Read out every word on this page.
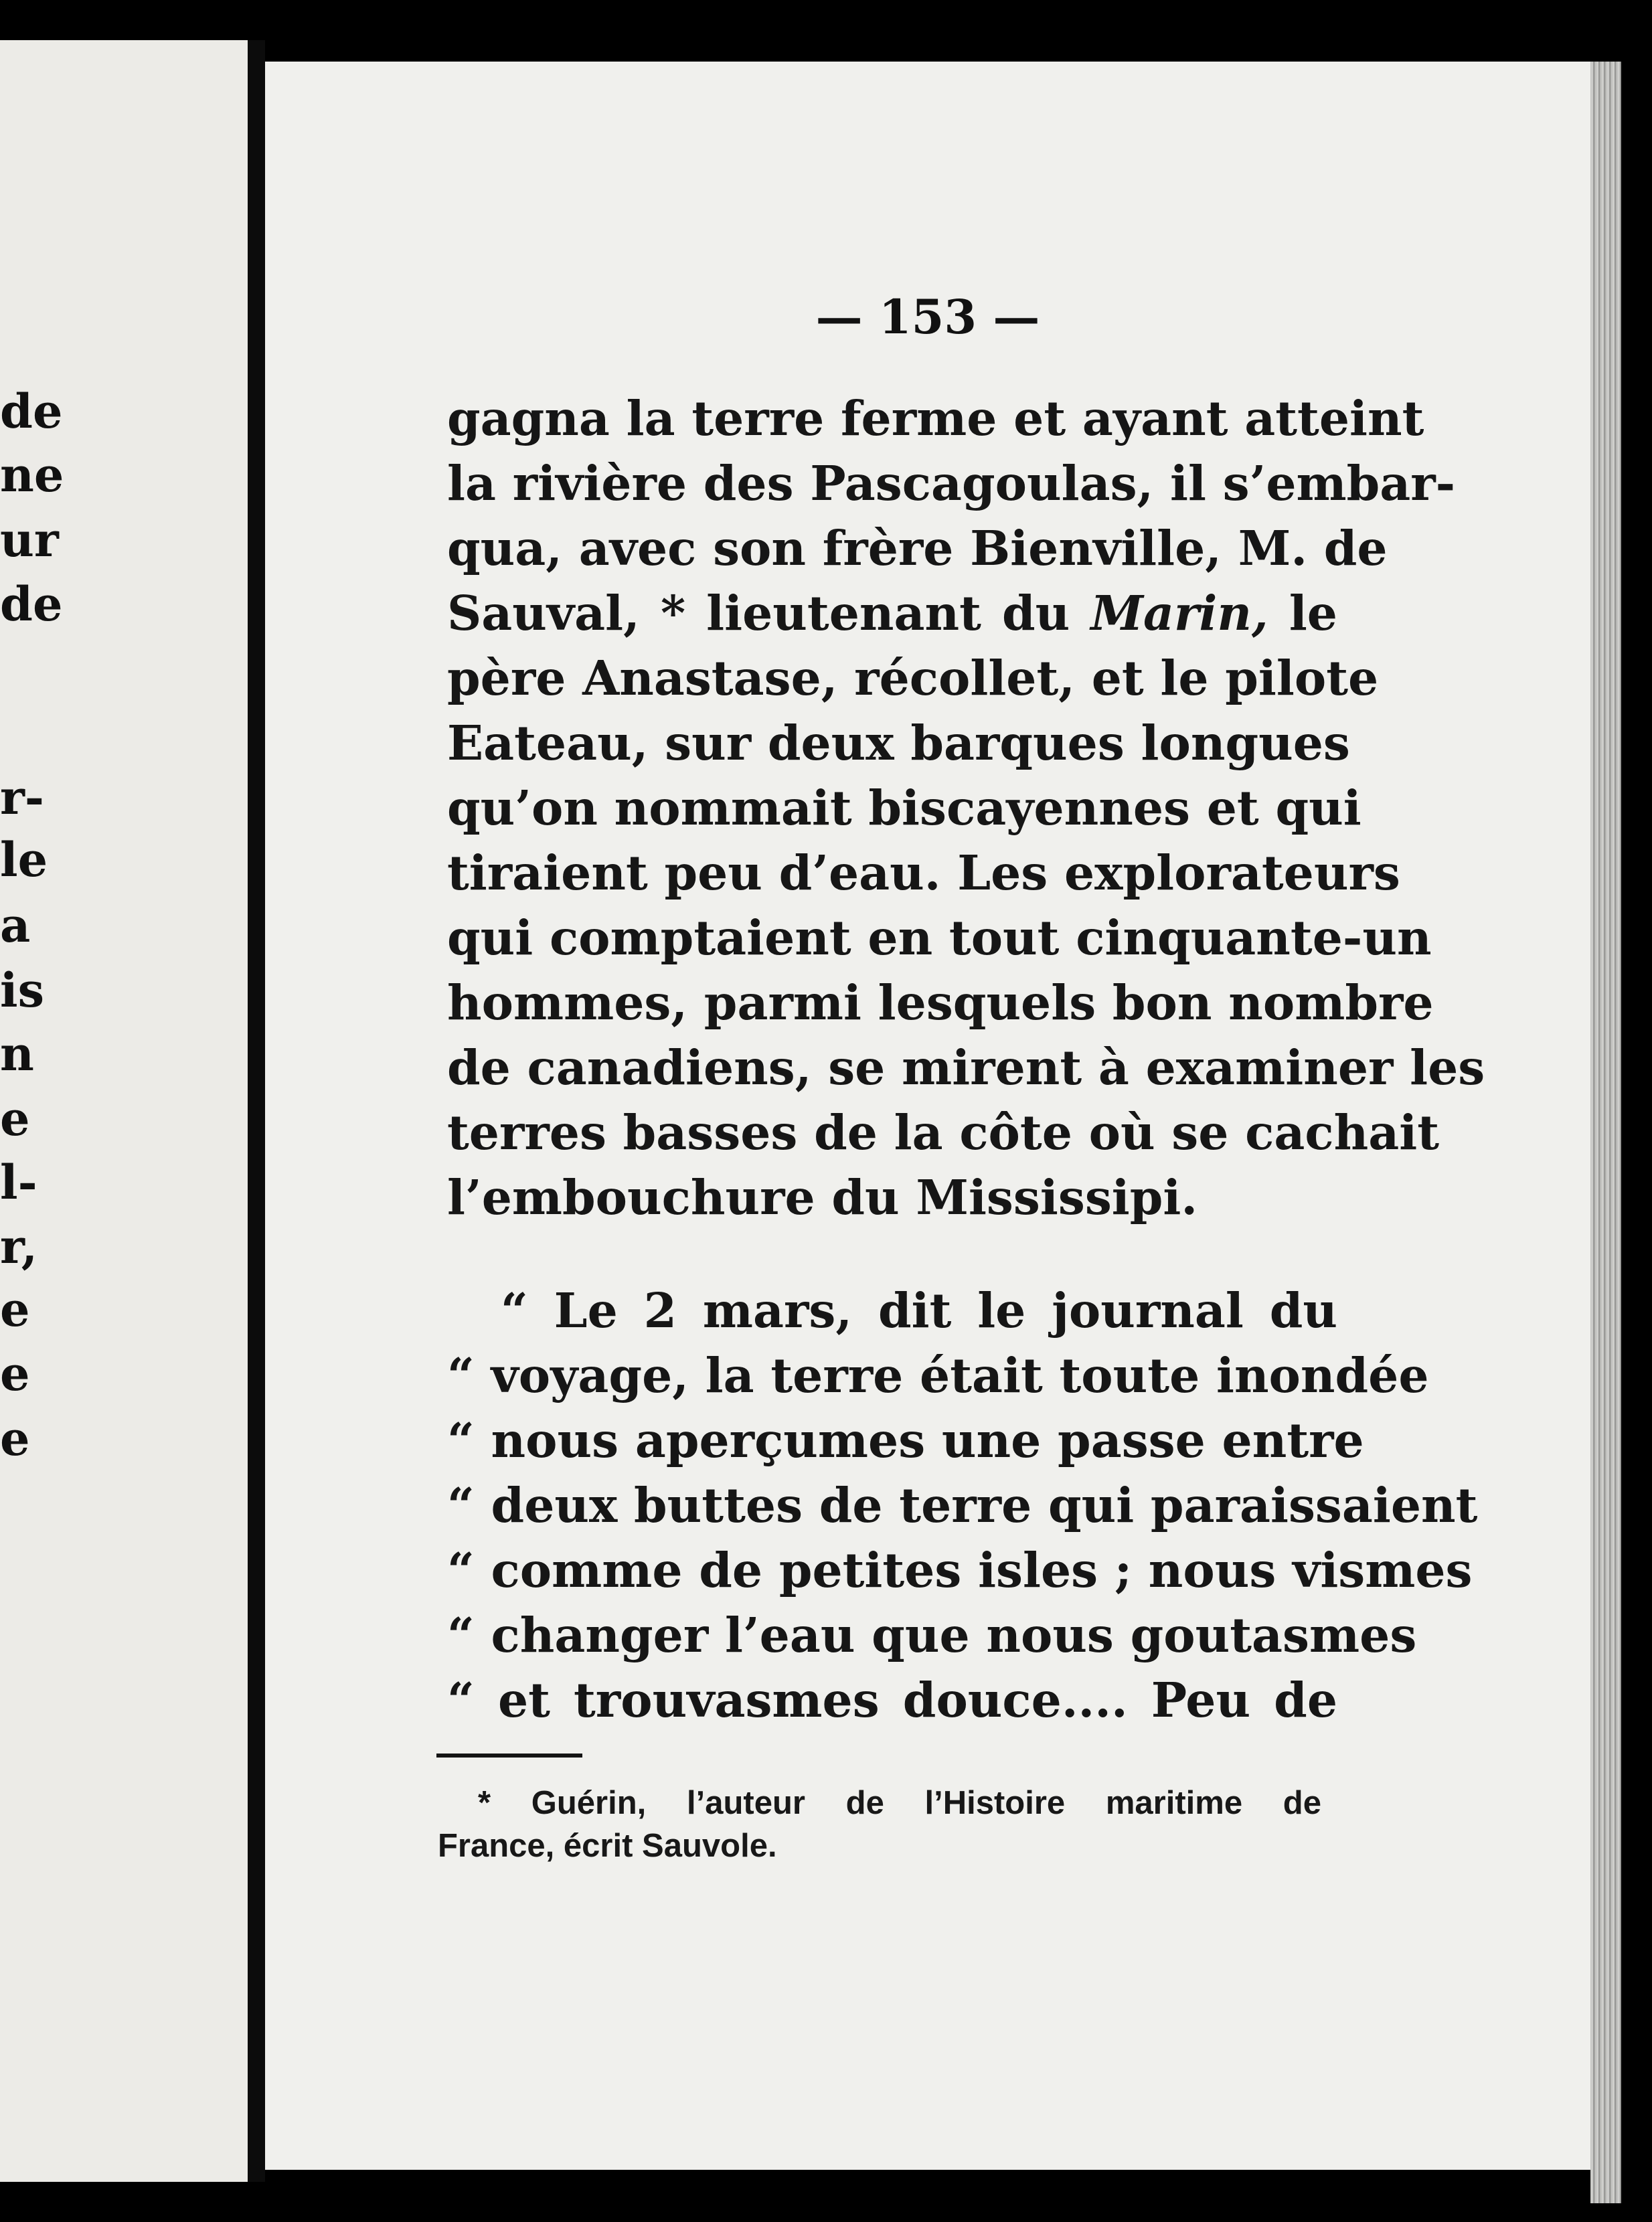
de

ne

ur

de

r-

le

a

is

n

e

l-

r,

e

e

e

— 153 —

gagna la terre ferme et ayant atteint
la rivière des Pascagoulas, il s’embar-
qua, avec son frère Bienville, M. de
Sauval, * lieutenant du Marin, le
père Anastase, récollet, et le pilote
Eateau, sur deux barques longues
qu’on nommait biscayennes et qui
tiraient peu d’eau. Les explorateurs
qui comptaient en tout cinquante-un
hommes, parmi lesquels bon nombre
de canadiens, se mirent à examiner les
terres basses de la côte où se cachait
l’embouchure du Mississipi.

“ Le 2 mars, dit le journal du
“ voyage, la terre était toute inondée
“ nous aperçumes une passe entre
“ deux buttes de terre qui paraissaient
“ comme de petites isles ; nous vismes
“ changer l’eau que nous goutasmes
“ et trouvasmes douce.... Peu de

* Guérin, l’auteur de l’Histoire maritime de
France, écrit Sauvole.
